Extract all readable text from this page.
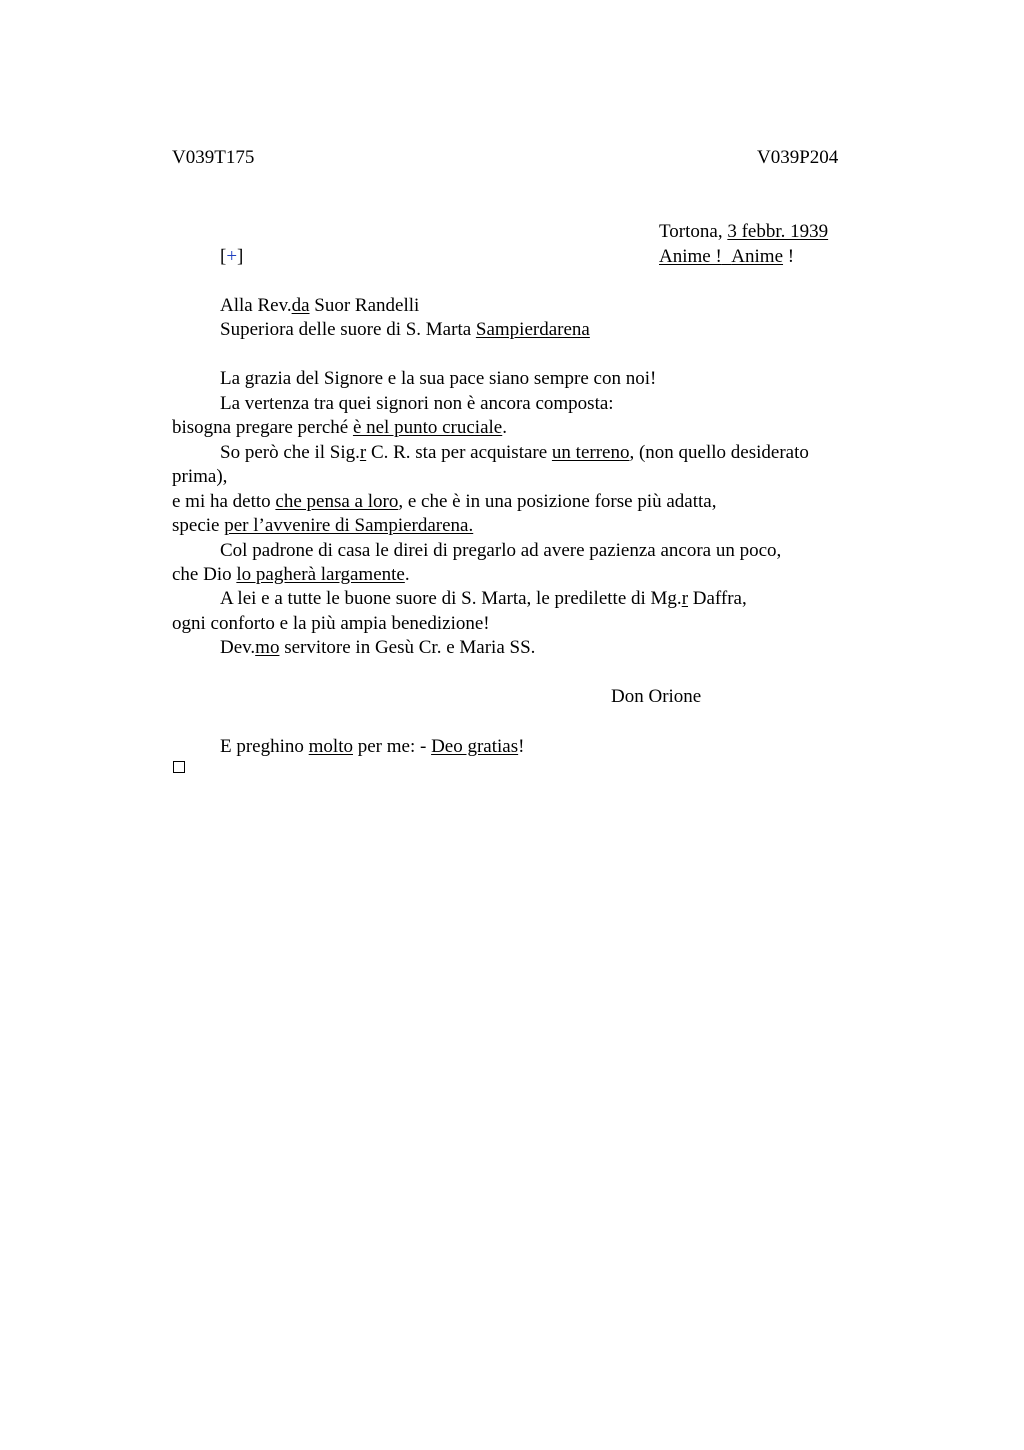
V039T175	V039P204
Tortona, 3 febbr. 1939
[+]	Anime ! Anime !
Alla Rev.da Suor Randelli
Superiora delle suore di S. Marta Sampierdarena
La grazia del Signore e la sua pace siano sempre con noi!
La vertenza tra quei signori non è ancora composta:
bisogna pregare perché è nel punto cruciale.
So però che il Sig.r C. R. sta per acquistare un terreno, (non quello desiderato
prima),
e mi ha detto che pensa a loro, e che è in una posizione forse più adatta,
specie per l’avvenire di Sampierdarena.
Col padrone di casa le direi di pregarlo ad avere pazienza ancora un poco,
che Dio lo pagherà largamente.
A lei e a tutte le buone suore di S. Marta, le predilette di Mg.r Daffra,
ogni conforto e la più ampia benedizione!
Dev.mo servitore in Gesù Cr. e Maria SS.
Don Orione
E preghino molto per me: - Deo gratias!
